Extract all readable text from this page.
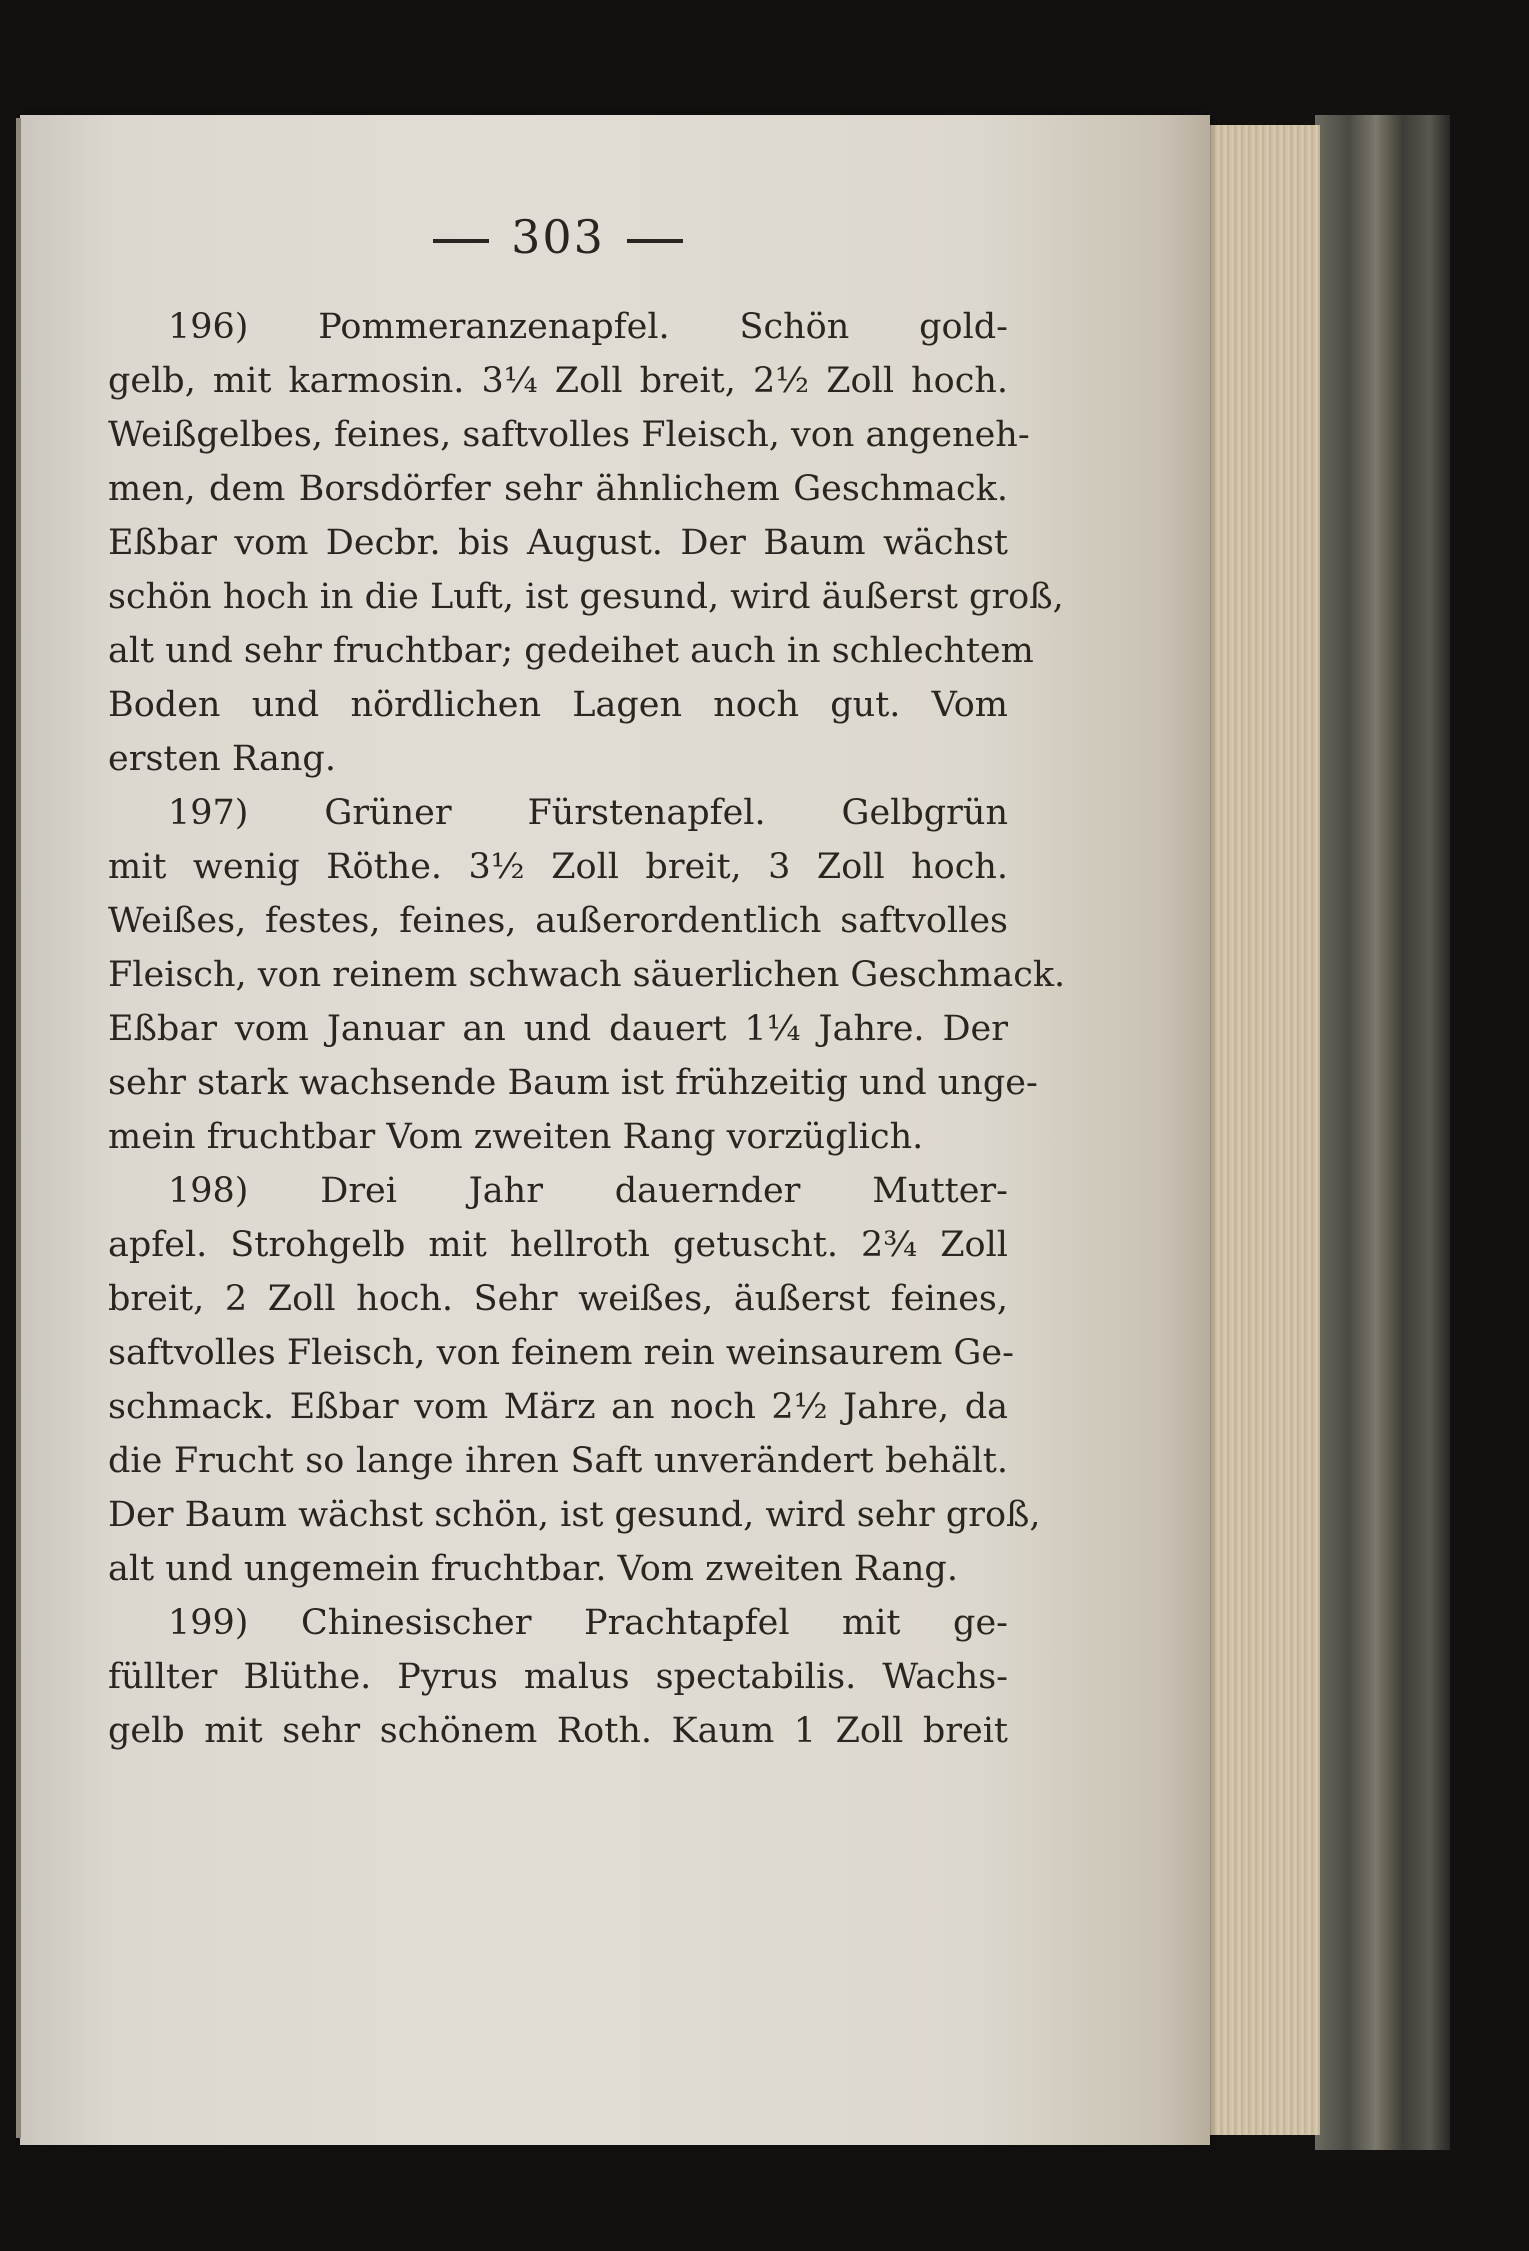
303
196) Pommeranzenapfel. Schön gold-
gelb, mit karmosin. 3¼ Zoll breit, 2½ Zoll hoch.
Weißgelbes, feines, saftvolles Fleisch, von angeneh-
men, dem Borsdörfer sehr ähnlichem Geschmack.
Eßbar vom Decbr. bis August. Der Baum wächst
schön hoch in die Luft, ist gesund, wird äußerst groß,
alt und sehr fruchtbar; gedeihet auch in schlechtem
Boden und nördlichen Lagen noch gut. Vom
ersten Rang.
197) Grüner Fürstenapfel. Gelbgrün
mit wenig Röthe. 3½ Zoll breit, 3 Zoll hoch.
Weißes, festes, feines, außerordentlich saftvolles
Fleisch, von reinem schwach säuerlichen Geschmack.
Eßbar vom Januar an und dauert 1¼ Jahre. Der
sehr stark wachsende Baum ist frühzeitig und unge-
mein fruchtbar Vom zweiten Rang vorzüglich.
198) Drei Jahr dauernder Mutter-
apfel. Strohgelb mit hellroth getuscht. 2¾ Zoll
breit, 2 Zoll hoch. Sehr weißes, äußerst feines,
saftvolles Fleisch, von feinem rein weinsaurem Ge-
schmack. Eßbar vom März an noch 2½ Jahre, da
die Frucht so lange ihren Saft unverändert behält.
Der Baum wächst schön, ist gesund, wird sehr groß,
alt und ungemein fruchtbar. Vom zweiten Rang.
199) Chinesischer Prachtapfel mit ge-
füllter Blüthe. Pyrus malus spectabilis. Wachs-
gelb mit sehr schönem Roth. Kaum 1 Zoll breit
